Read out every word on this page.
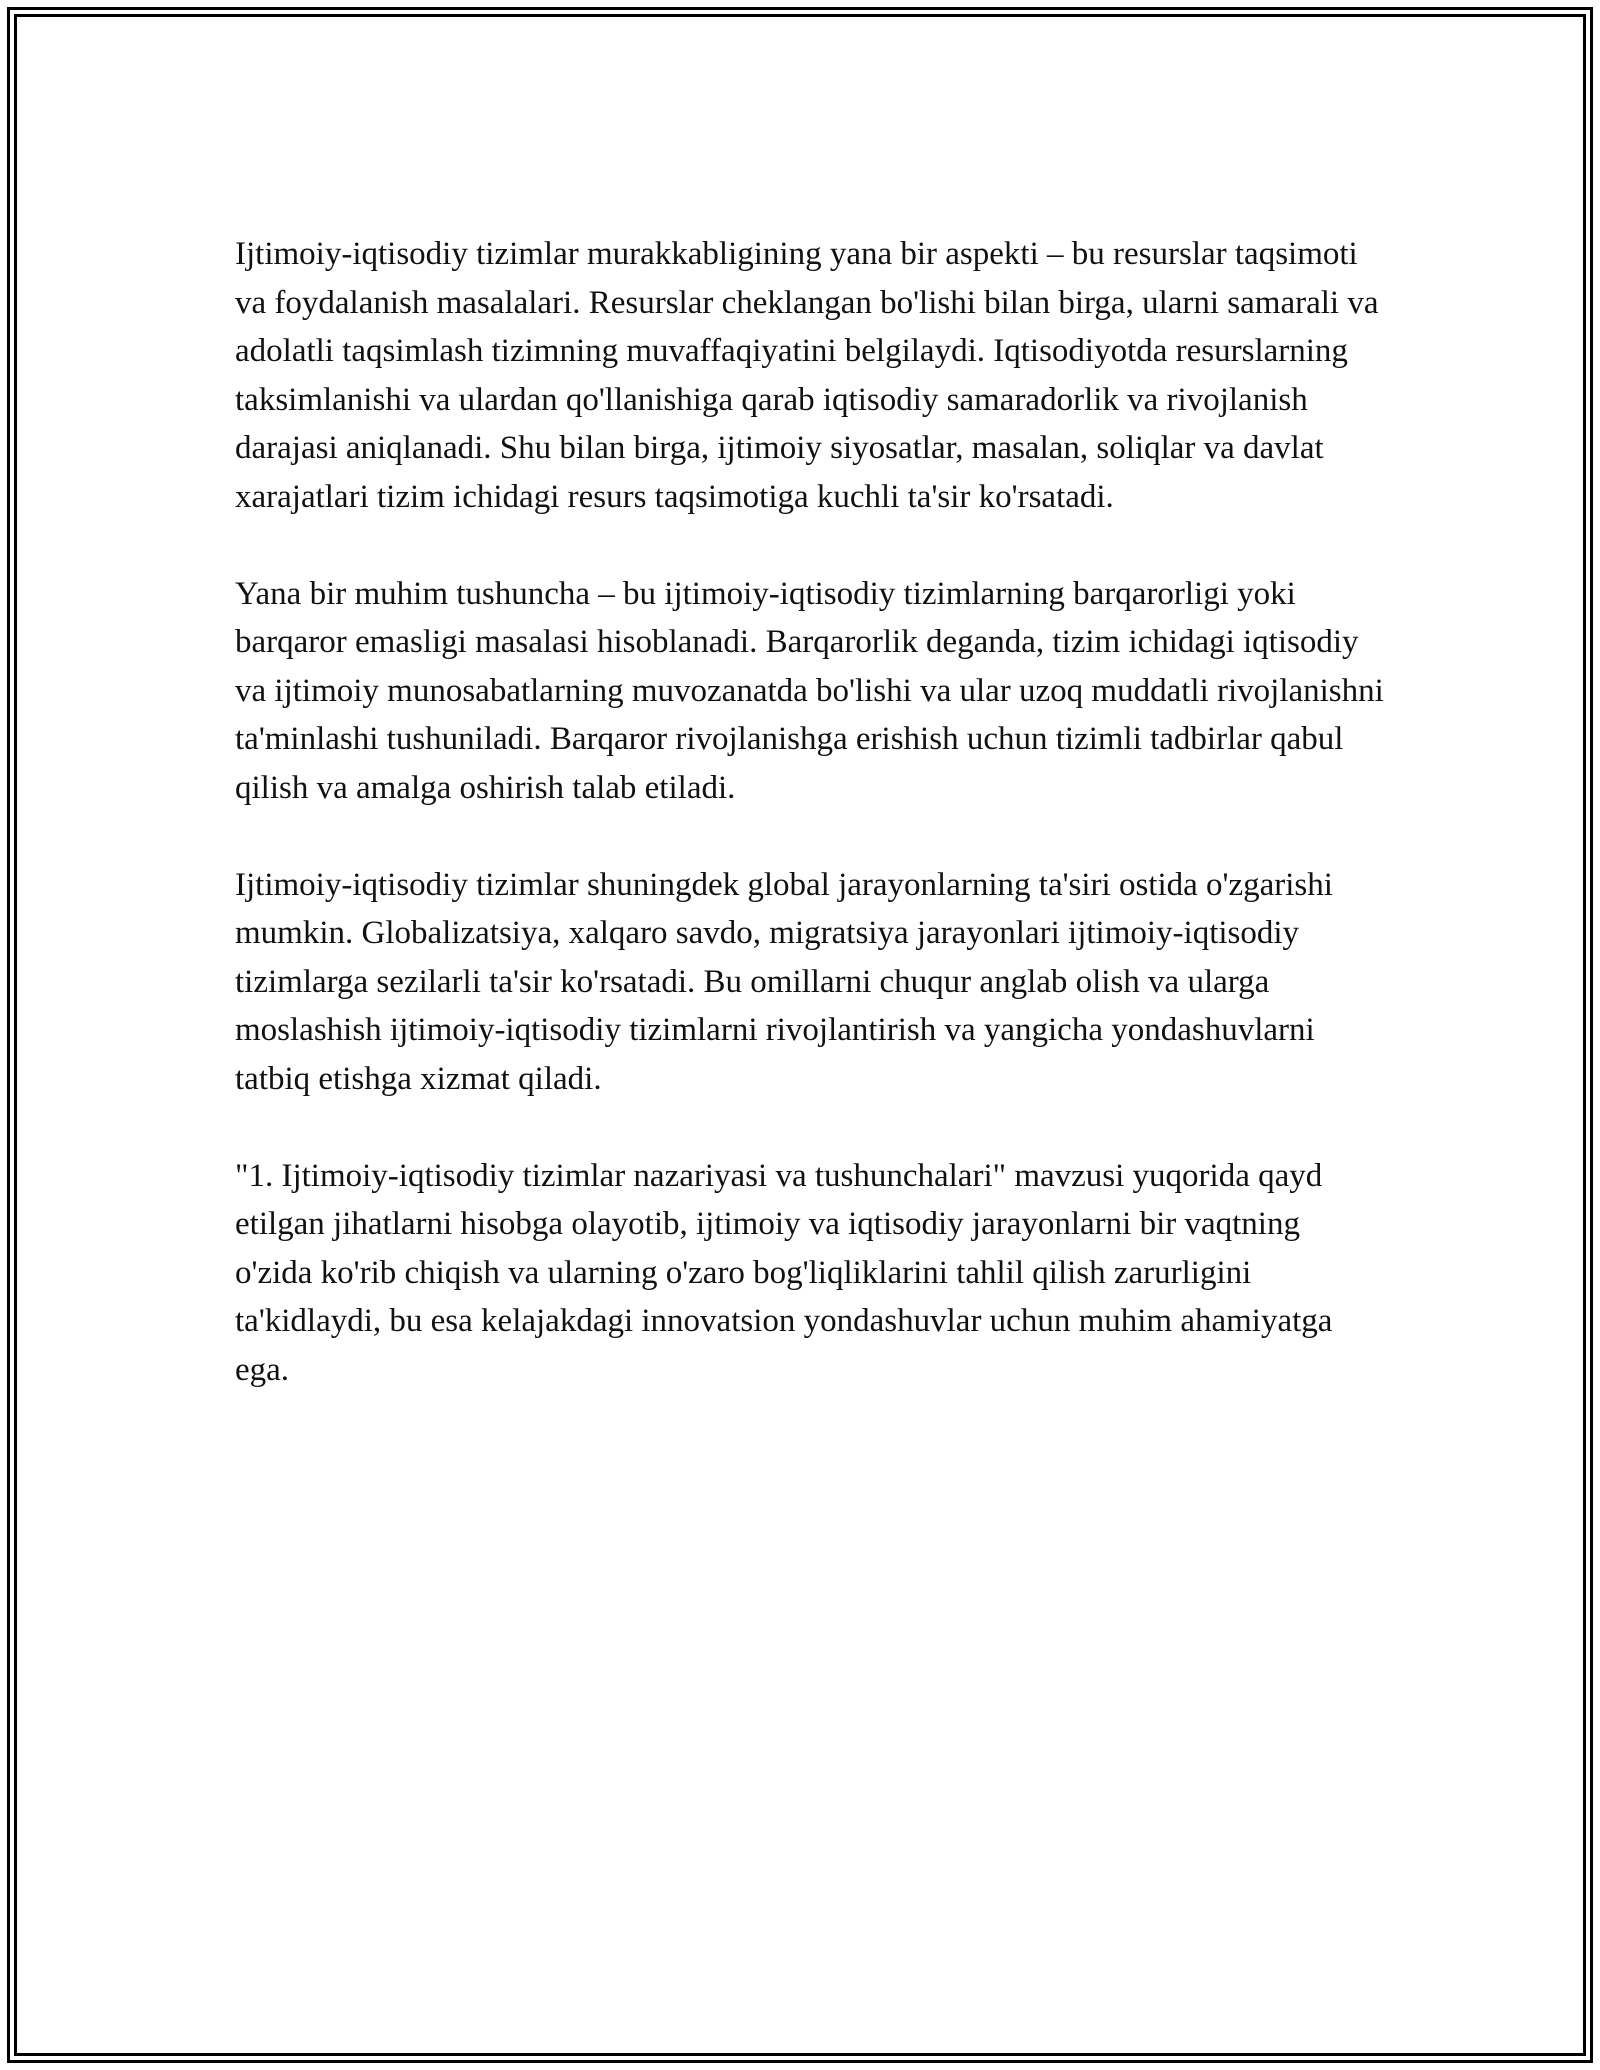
Ijtimoiy-iqtisodiy tizimlar murakkabligining yana bir aspekti – bu resurslar taqsimoti va foydalanish masalalari. Resurslar cheklangan bo'lishi bilan birga, ularni samarali va adolatli taqsimlash tizimning muvaffaqiyatini belgilaydi. Iqtisodiyotda resurslarning taksimlanishi va ulardan qo'llanishiga qarab iqtisodiy samaradorlik va rivojlanish darajasi aniqlanadi. Shu bilan birga, ijtimoiy siyosatlar, masalan, soliqlar va davlat xarajatlari tizim ichidagi resurs taqsimotiga kuchli ta'sir ko'rsatadi.

Yana bir muhim tushuncha – bu ijtimoiy-iqtisodiy tizimlarning barqarorligi yoki barqaror emasligi masalasi hisoblanadi. Barqarorlik deganda, tizim ichidagi iqtisodiy va ijtimoiy munosabatlarning muvozanatda bo'lishi va ular uzoq muddatli rivojlanishni ta'minlashi tushuniladi. Barqaror rivojlanishga erishish uchun tizimli tadbirlar qabul qilish va amalga oshirish talab etiladi.

Ijtimoiy-iqtisodiy tizimlar shuningdek global jarayonlarning ta'siri ostida o'zgarishi mumkin. Globalizatsiya, xalqaro savdo, migratsiya jarayonlari ijtimoiy-iqtisodiy tizimlarga sezilarli ta'sir ko'rsatadi. Bu omillarni chuqur anglab olish va ularga moslashish ijtimoiy-iqtisodiy tizimlarni rivojlantirish va yangicha yondashuvlarni tatbiq etishga xizmat qiladi.

"1. Ijtimoiy-iqtisodiy tizimlar nazariyasi va tushunchalari" mavzusi yuqorida qayd etilgan jihatlarni hisobga olayotib, ijtimoiy va iqtisodiy jarayonlarni bir vaqtning o'zida ko'rib chiqish va ularning o'zaro bog'liqliklarini tahlil qilish zarurligini ta'kidlaydi, bu esa kelajakdagi innovatsion yondashuvlar uchun muhim ahamiyatga ega.
